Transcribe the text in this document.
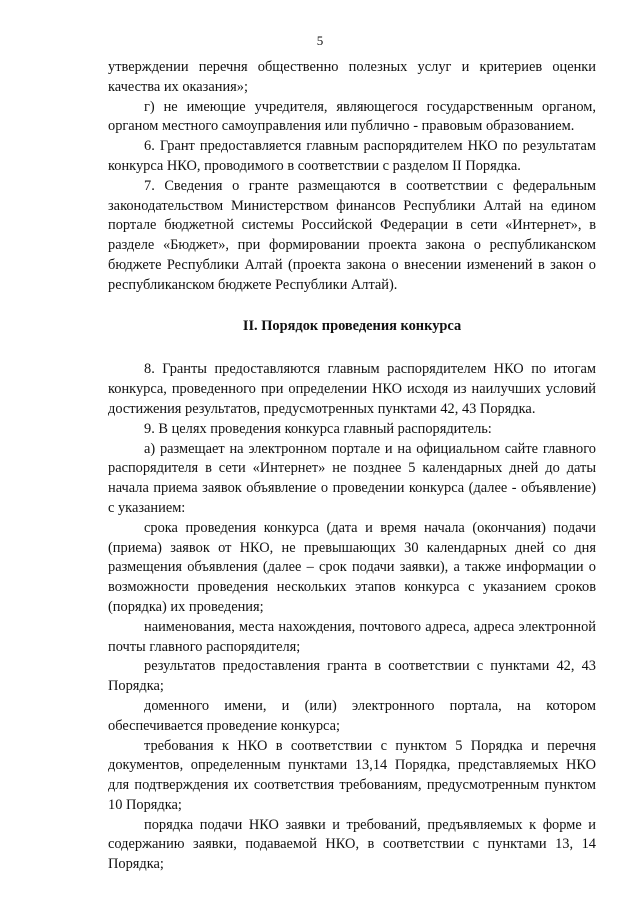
5

утверждении перечня общественно полезных услуг и критериев оценки качества их оказания»;

г) не имеющие учредителя, являющегося государственным органом, органом местного самоуправления или публично - правовым образованием.

6. Грант предоставляется главным распорядителем НКО по результатам конкурса НКО, проводимого в соответствии с разделом II Порядка.

7. Сведения о гранте размещаются в соответствии с федеральным законодательством Министерством финансов Республики Алтай на едином портале бюджетной системы Российской Федерации в сети «Интернет», в разделе «Бюджет», при формировании проекта закона о республиканском бюджете Республики Алтай (проекта закона о внесении изменений в закон о республиканском бюджете Республики Алтай).

II. Порядок проведения конкурса

8. Гранты предоставляются главным распорядителем НКО по итогам конкурса, проведенного при определении НКО исходя из наилучших условий достижения результатов, предусмотренных пунктами 42, 43 Порядка.

9. В целях проведения конкурса главный распорядитель:

а) размещает на электронном портале и на официальном сайте главного распорядителя в сети «Интернет» не позднее 5 календарных дней до даты начала приема заявок объявление о проведении конкурса (далее - объявление) с указанием:

срока проведения конкурса (дата и время начала (окончания) подачи (приема) заявок от НКО, не превышающих 30 календарных дней со дня размещения объявления (далее – срок подачи заявки), а также информации о возможности проведения нескольких этапов конкурса с указанием сроков (порядка) их проведения;

наименования, места нахождения, почтового адреса, адреса электронной почты главного распорядителя;

результатов предоставления гранта в соответствии с пунктами 42, 43 Порядка;

доменного имени, и (или) электронного портала, на котором обеспечивается проведение конкурса;

требования к НКО в соответствии с пунктом 5 Порядка и перечня документов, определенным пунктами 13,14 Порядка, представляемых НКО для подтверждения их соответствия требованиям, предусмотренным пунктом 10 Порядка;

порядка подачи НКО заявки и требований, предъявляемых к форме и содержанию заявки, подаваемой НКО, в соответствии с пунктами 13, 14 Порядка;
